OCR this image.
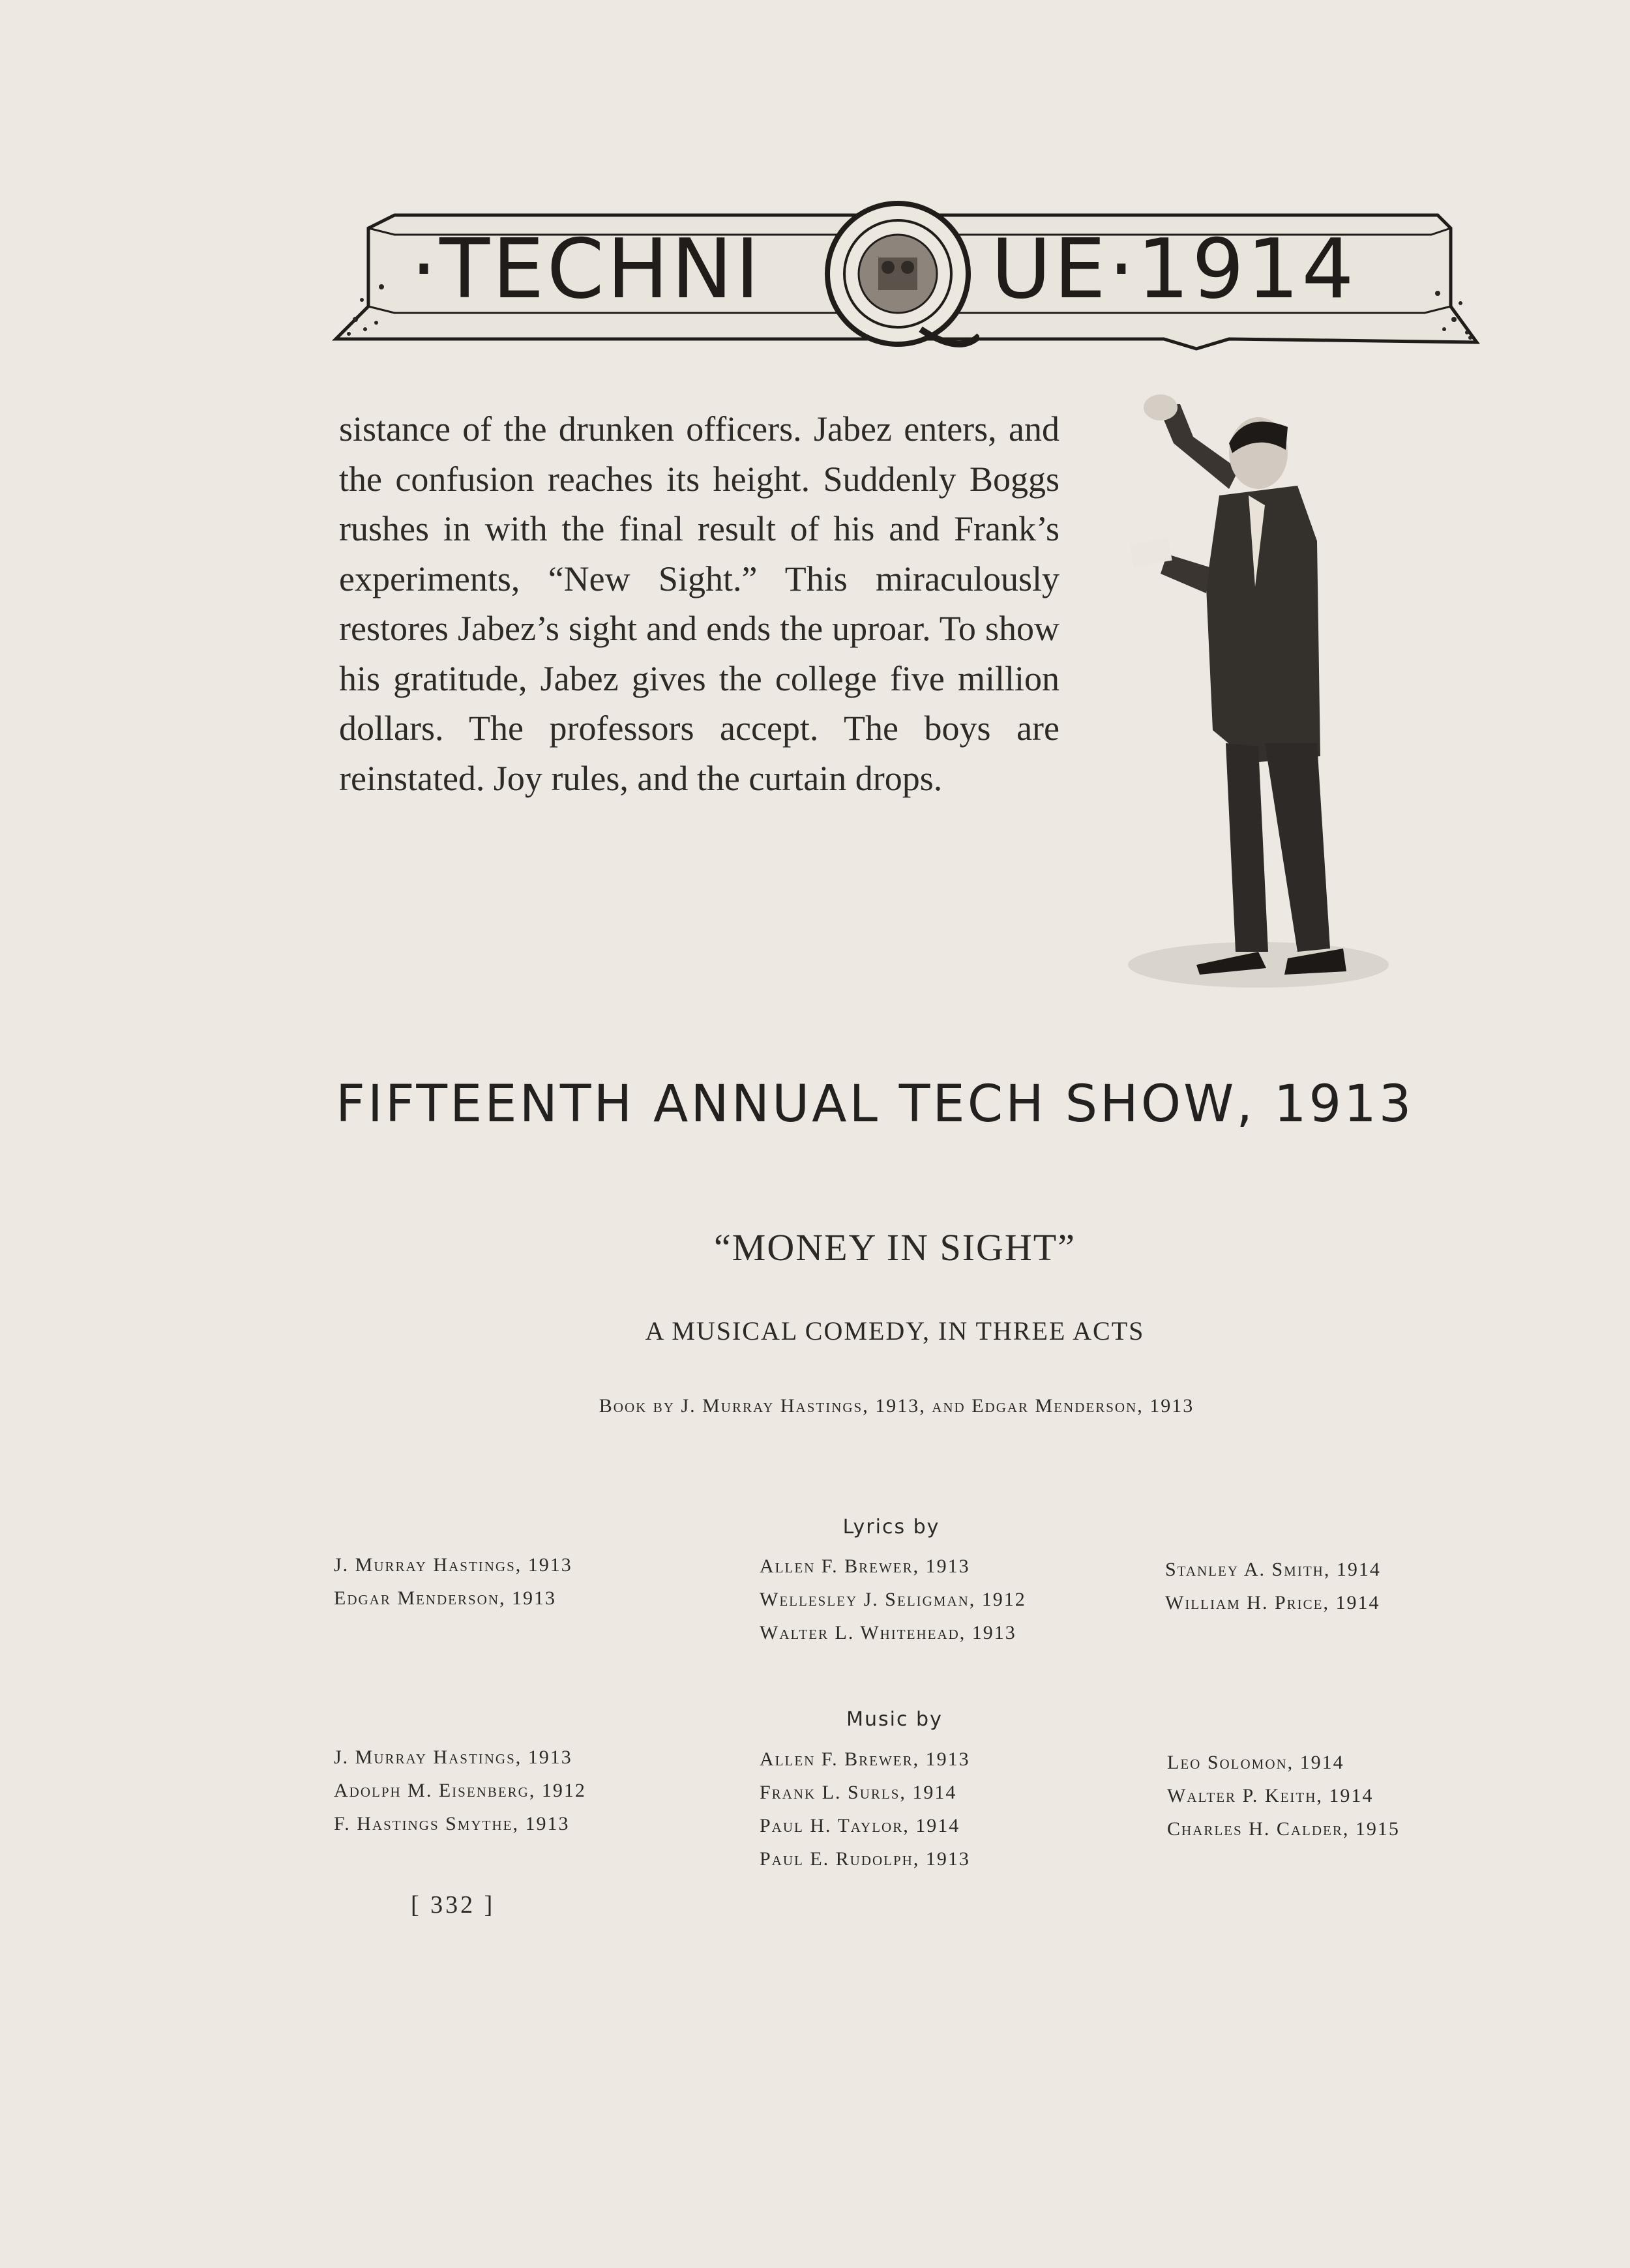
·TECHNI	UE·1914

sistance of the drunken officers. Jabez enters, and the confusion reaches its height. Suddenly Boggs rushes in with the final result of his and Frank’s experiments, “New Sight.” This miraculously restores Jabez’s sight and ends the uproar. To show his gratitude, Jabez gives the college five million dollars. The professors accept. The boys are reinstated. Joy rules, and the curtain drops.

FIFTEENTH ANNUAL TECH SHOW, 1913
“MONEY IN SIGHT”
A MUSICAL COMEDY, IN THREE ACTS
Book by J. Murray Hastings, 1913, and Edgar Menderson, 1913
Lyrics by
J. Murray Hastings, 1913
Edgar Menderson, 1913
Allen F. Brewer, 1913
Wellesley J. Seligman, 1912
Walter L. Whitehead, 1913
Stanley A. Smith, 1914
William H. Price, 1914
Music by
J. Murray Hastings, 1913
Adolph M. Eisenberg, 1912
F. Hastings Smythe, 1913
Allen F. Brewer, 1913
Frank L. Surls, 1914
Paul H. Taylor, 1914
Paul E. Rudolph, 1913
Leo Solomon, 1914
Walter P. Keith, 1914
Charles H. Calder, 1915
[ 332 ]
